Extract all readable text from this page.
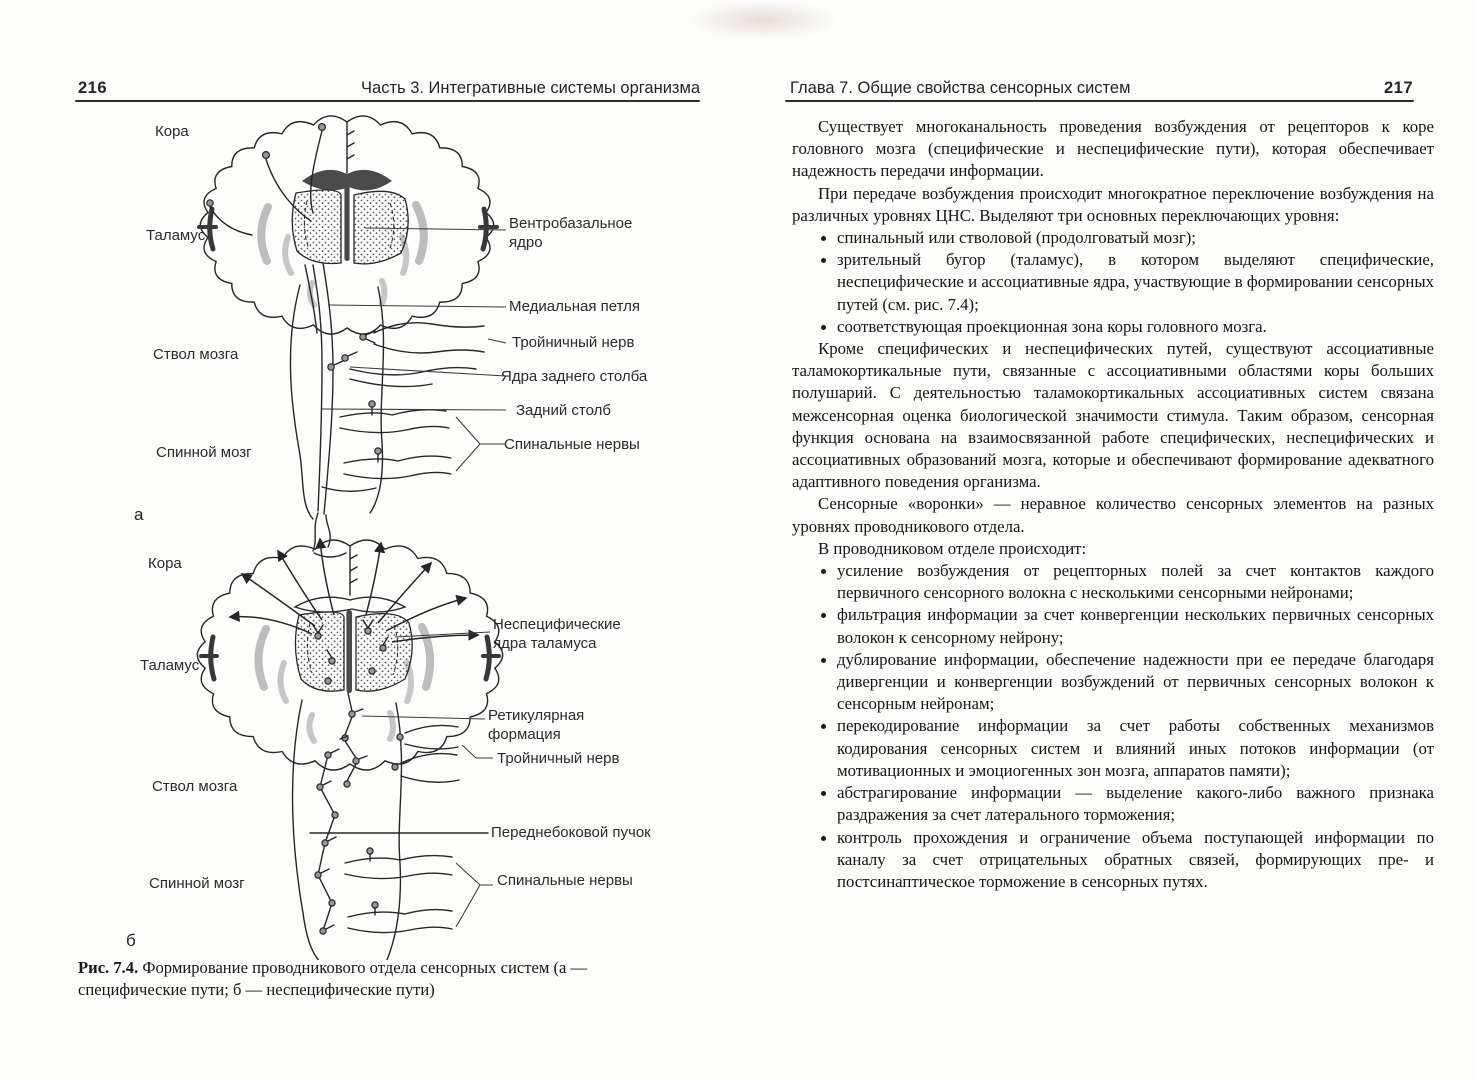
216	Часть 3. Интегративные системы организма	Глава 7. Общие свойства сенсорных систем	217
Кора
Таламус
Ствол мозга
Спинной мозг
а
Вентробазальное ядро
Медиальная петля
Тройничный нерв
Ядра заднего столба
Задний столб
Спинальные нервы
Кора
Таламус
Ствол мозга
Спинной мозг
б
Неспецифические ядра таламуса
Ретикулярная формация
Тройничный нерв
Переднебоковой пучок
Спинальные нервы
Рис. 7.4. Формирование проводникового отдела сенсорных систем (а — специфические пути; б — неспецифические пути)

Существует многоканальность проведения возбуждения от рецепторов к коре головного мозга (специфические и неспецифические пути), которая обеспечивает надежность передачи информации.

При передаче возбуждения происходит многократное переключение возбуждения на различных уровнях ЦНС. Выделяют три основных переключающих уровня:

спинальный или стволовой (продолговатый мозг);
зрительный бугор (таламус), в котором выделяют специфические, неспецифические и ассоциативные ядра, участвующие в формировании сенсорных путей (см. рис. 7.4);
соответствующая проекционная зона коры головного мозга.

Кроме специфических и неспецифических путей, существуют ассоциативные таламокортикальные пути, связанные с ассоциативными областями коры больших полушарий. С деятельностью таламокортикальных ассоциативных систем связана межсенсорная оценка биологической значимости стимула. Таким образом, сенсорная функция основана на взаимосвязанной работе специфических, неспецифических и ассоциативных образований мозга, которые и обеспечивают формирование адекватного адаптивного поведения организма.

Сенсорные «воронки» — неравное количество сенсорных элементов на разных уровнях проводникового отдела.

В проводниковом отделе происходит:

усиление возбуждения от рецепторных полей за счет контактов каждого первичного сенсорного волокна с несколькими сенсорными нейронами;
фильтрация информации за счет конвергенции нескольких первичных сенсорных волокон к сенсорному нейрону;
дублирование информации, обеспечение надежности при ее передаче благодаря дивергенции и конвергенции возбуждений от первичных сенсорных волокон к сенсорным нейронам;
перекодирование информации за счет работы собственных механизмов кодирования сенсорных систем и влияний иных потоков информации (от мотивационных и эмоциогенных зон мозга, аппаратов памяти);
абстрагирование информации — выделение какого-либо важного признака раздражения за счет латерального торможения;
контроль прохождения и ограничение объема поступающей информации по каналу за счет отрицательных обратных связей, формирующих пре- и постсинаптическое торможение в сенсорных путях.
